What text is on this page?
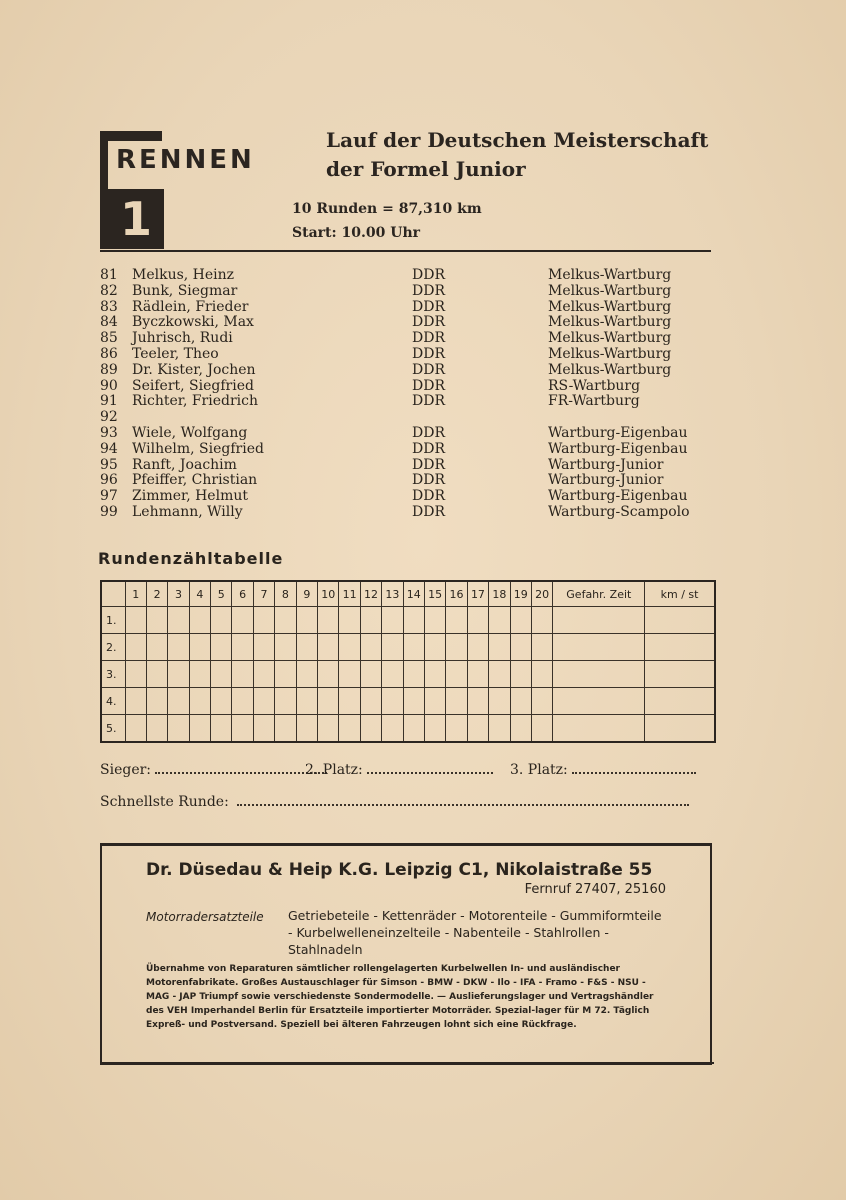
RENNEN
1
Lauf der Deutschen Meisterschaft
der Formel Junior
10 Runden = 87,310 km
Start: 10.00 Uhr
81 Melkus, Heinz	DDR	Melkus-Wartburg
82 Bunk, Siegmar	DDR	Melkus-Wartburg
83 Rädlein, Frieder	DDR	Melkus-Wartburg
84 Byczkowski, Max	DDR	Melkus-Wartburg
85 Juhrisch, Rudi	DDR	Melkus-Wartburg
86 Teeler, Theo	DDR	Melkus-Wartburg
89 Dr. Kister, Jochen	DDR	Melkus-Wartburg
90 Seifert, Siegfried	DDR	RS-Wartburg
91 Richter, Friedrich	DDR	FR-Wartburg
92
93 Wiele, Wolfgang	DDR	Wartburg-Eigenbau
94 Wilhelm, Siegfried	DDR	Wartburg-Eigenbau
95 Ranft, Joachim	DDR	Wartburg-Junior
96 Pfeiffer, Christian	DDR	Wartburg-Junior
97 Zimmer, Helmut	DDR	Wartburg-Eigenbau
99 Lehmann, Willy	DDR	Wartburg-Scampolo
Rundenzähltabelle
	1	2	3	4	5	6	7	8	9	10	11	12	13	14	15	16	17	18	19	20	Gefahr. Zeit	km / st
1.																						
2.																						
3.																						
4.																						
5.																						
Sieger:	2. Platz:	3. Platz:
Schnellste Runde:
Dr. Düsedau & Heip K.G. Leipzig C1, Nikolaistraße 55
Fernruf 27407, 25160
Motorradersatzteile Getriebeteile - Kettenräder - Motorenteile - Gummiformteile - Kurbelwelleneinzelteile - Nabenteile - Stahlrollen - Stahlnadeln
Übernahme von Reparaturen sämtlicher rollengelagerten Kurbelwellen In- und ausländischer Motorenfabrikate. Großes Austauschlager für Simson - BMW - DKW - Ilo - IFA - Framo - F&S - NSU - MAG - JAP Triumpf sowie verschiedenste Sondermodelle. — Auslieferungslager und Vertragshändler des VEH Imperhandel Berlin für Ersatzteile importierter Motorräder. Spezial-lager für M 72. Täglich Expreß- und Postversand. Speziell bei älteren Fahrzeugen lohnt sich eine Rückfrage.
